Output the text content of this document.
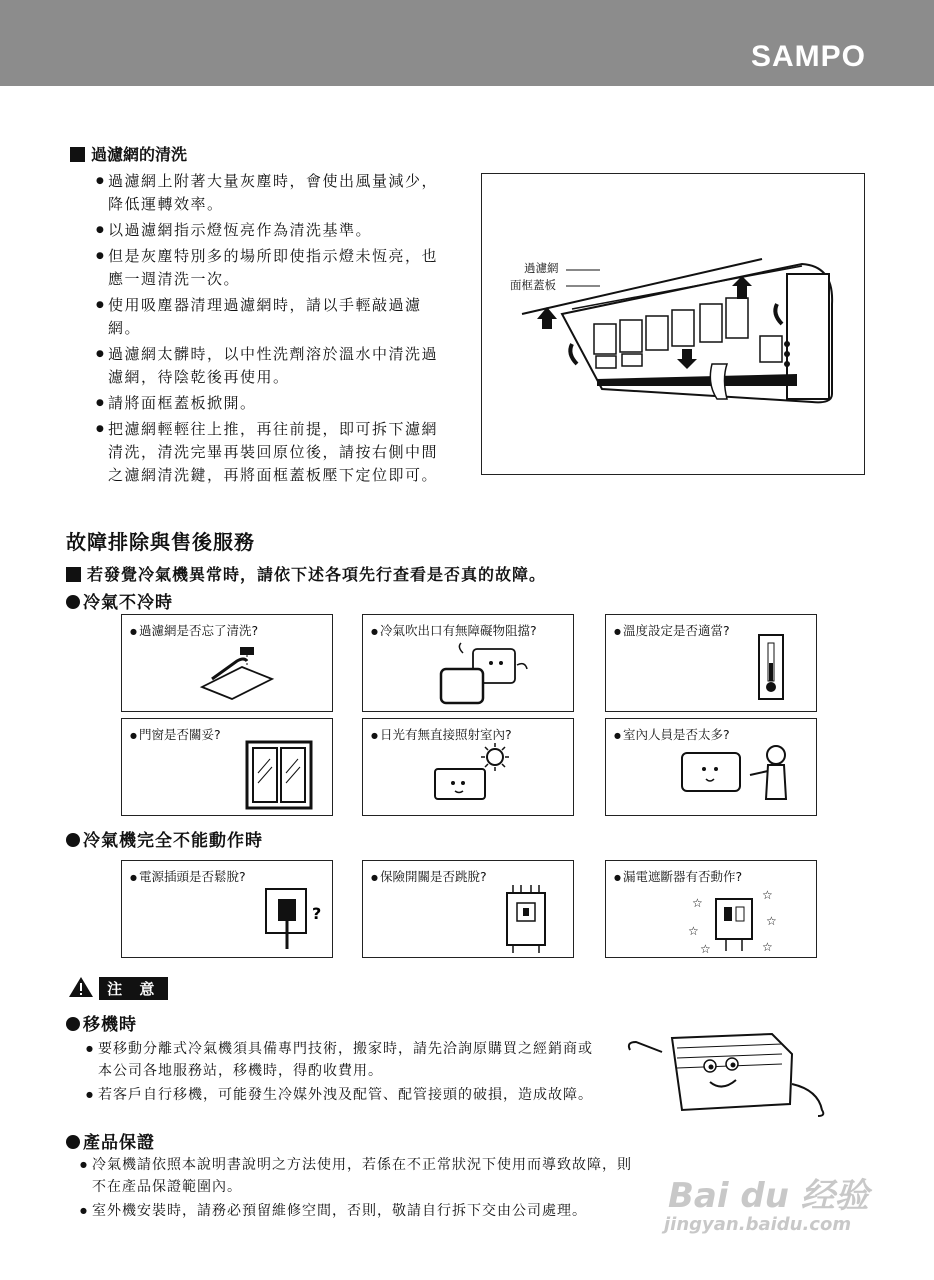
SAMPO
過濾網的清洗
● 過濾網上附著大量灰塵時，會使出風量減少，降低運轉效率。
● 以過濾網指示燈恆亮作為清洗基準。
● 但是灰塵特別多的場所即使指示燈未恆亮，也應一週清洗一次。
● 使用吸塵器清理過濾網時，請以手輕敲過濾網。
● 過濾網太髒時，以中性洗劑溶於溫水中清洗過濾網，待陰乾後再使用。
● 請將面框蓋板掀開。
● 把濾網輕輕往上推，再往前提，即可拆下濾網清洗，清洗完畢再裝回原位後，請按右側中間之濾網清洗鍵，再將面框蓋板壓下定位即可。
過濾網
面框蓋板
故障排除與售後服務
若發覺冷氣機異常時，請依下述各項先行查看是否真的故障。
冷氣不冷時
● 過濾網是否忘了清洗?	● 冷氣吹出口有無障礙物阻擋?	● 溫度設定是否適當?
● 門窗是否關妥?	● 日光有無直接照射室內?	● 室內人員是否太多?
冷氣機完全不能動作時
● 電源插頭是否鬆脫?
?
● 保險開關是否跳脫?	● 漏電遮斷器有否動作?
☆
☆
☆
☆
☆	☆
注 意
移機時
● 要移動分離式冷氣機須具備專門技術，搬家時，請先洽詢原購買之經銷商或本公司各地服務站，移機時，得酌收費用。
● 若客戶自行移機，可能發生冷媒外洩及配管、配管接頭的破損，造成故障。
產品保證
● 冷氣機請依照本說明書說明之方法使用，若係在不正常狀況下使用而導致故障，則不在產品保證範圍內。
● 室外機安裝時，請務必預留維修空間，否則，敬請自行拆下交由公司處理。	Bai du 经验
jingyan.baidu.com
